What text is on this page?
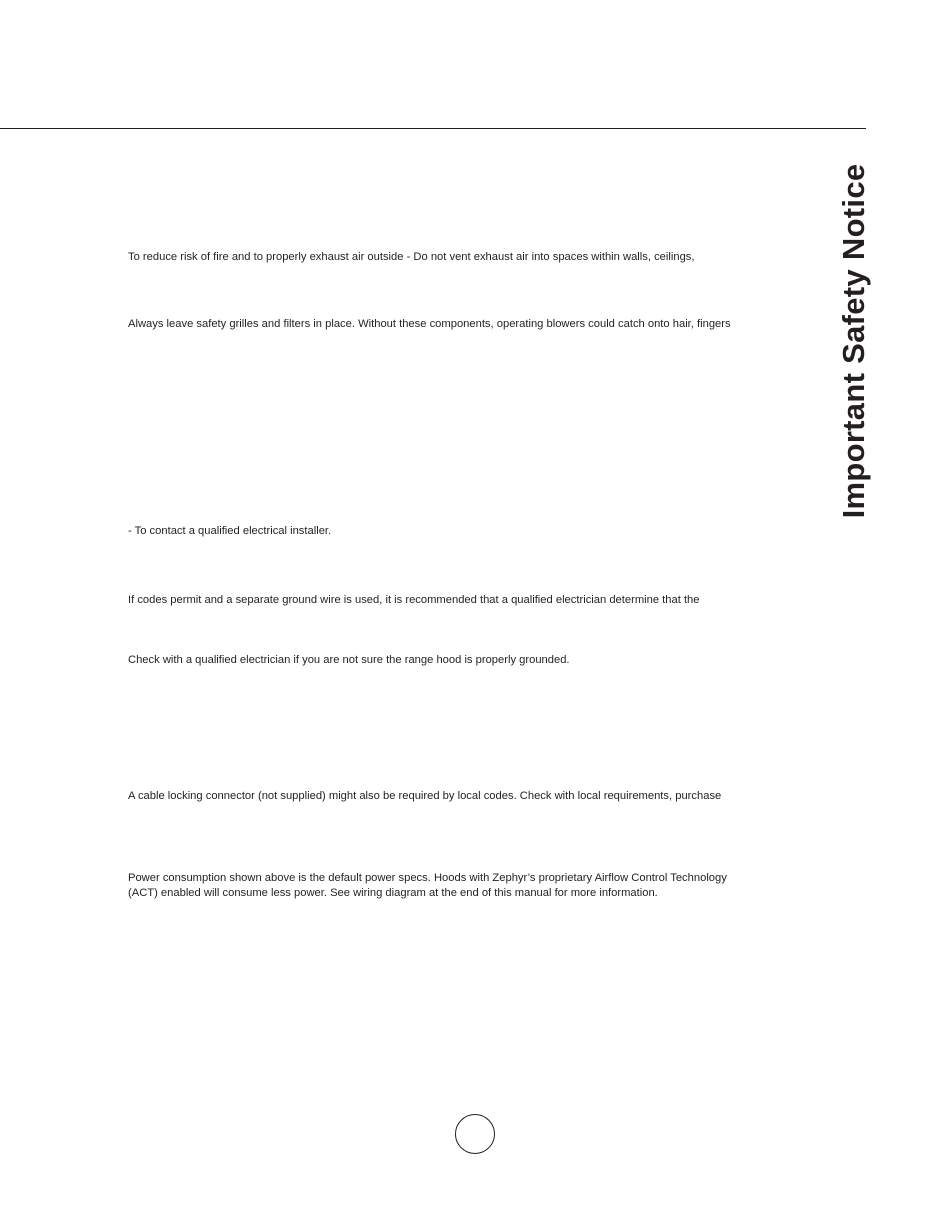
Important Safety Notice
To reduce risk of fire and to properly exhaust air outside - Do not vent exhaust air into spaces within walls, ceilings,
Always leave safety grilles and filters in place. Without these components, operating blowers could catch onto hair, fingers
- To contact a qualified electrical installer.
If codes permit and a separate ground wire is used, it is recommended that a qualified electrician determine that the
Check with a qualified electrician if you are not sure the range hood is properly grounded.
A cable locking connector (not supplied) might also be required by local codes. Check with local requirements, purchase
Power consumption shown above is the default power specs. Hoods with Zephyr’s proprietary Airflow Control Technology
(ACT) enabled will consume less power. See wiring diagram at the end of this manual for more information.
